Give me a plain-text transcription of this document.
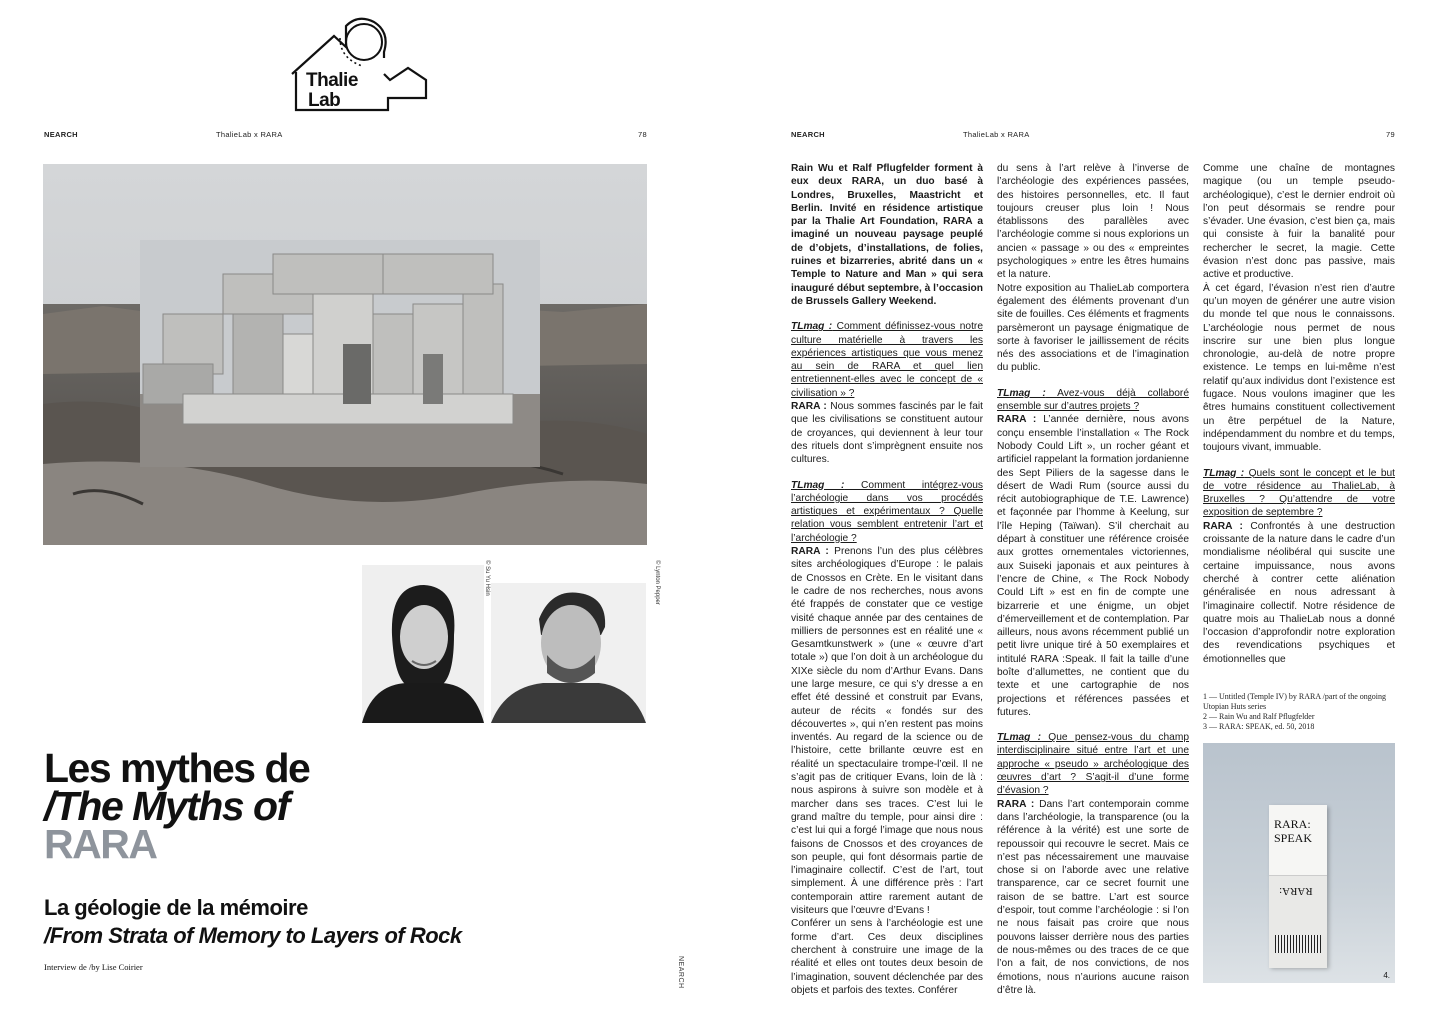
Thalie
Lab
NEARCH	ThalieLab x RARA	78	NEARCH	ThalieLab x RARA	79
© Su Yu Hsin	© Lynton Pepper
Les mythes de
/The Myths of
RARA
La géologie de la mémoire
/From Strata of Memory to Layers of Rock
Interview de /by Lise Coirier	NEARCH

Rain Wu et Ralf Pflugfelder forment à eux deux RARA, un duo basé à Londres, Bruxelles, Maastricht et Berlin. Invité en résidence artistique par la Thalie Art Foundation, RARA a imaginé un nouveau paysage peuplé de d’objets, d’installations, de folies, ruines et bizarreries, abrité dans un « Temple to Nature and Man » qui sera inauguré début septembre, à l’occasion de Brussels Gallery Weekend.

TLmag : Comment définissez-vous notre culture matérielle à travers les expériences artistiques que vous menez au sein de RARA et quel lien entretiennent-elles avec le concept de « civilisation » ?

RARA : Nous sommes fascinés par le fait que les civilisations se constituent autour de croyances, qui deviennent à leur tour des rituels dont s’imprègnent ensuite nos cultures.

TLmag : Comment intégrez-vous l’archéologie dans vos procédés artistiques et expérimentaux ? Quelle relation vous semblent entretenir l’art et l’archéologie ?

RARA : Prenons l’un des plus célèbres sites archéologiques d’Europe : le palais de Cnossos en Crète. En le visitant dans le cadre de nos recherches, nous avons été frappés de constater que ce vestige visité chaque année par des centaines de milliers de personnes est en réalité une « Gesamtkunstwerk » (une « œuvre d’art totale ») que l’on doit à un archéologue du XIXe siècle du nom d’Arthur Evans. Dans une large mesure, ce qui s’y dresse a en effet été dessiné et construit par Evans, auteur de récits « fondés sur des découvertes », qui n’en restent pas moins inventés. Au regard de la science ou de l’histoire, cette brillante œuvre est en réalité un spectaculaire trompe-l’œil. Il ne s’agit pas de critiquer Evans, loin de là : nous aspirons à suivre son modèle et à marcher dans ses traces. C’est lui le grand maître du temple, pour ainsi dire : c’est lui qui a forgé l’image que nous nous faisons de Cnossos et des croyances de son peuple, qui font désormais partie de l’imaginaire collectif. C’est de l’art, tout simplement. À une différence près : l’art contemporain attire rarement autant de visiteurs que l’œuvre d’Evans !

Conférer un sens à l’archéologie est une forme d’art. Ces deux disciplines cherchent à construire une image de la réalité et elles ont toutes deux besoin de l’imagination, souvent déclenchée par des objets et parfois des textes. Conférer

du sens à l’art relève à l’inverse de l’archéologie des expériences passées, des histoires personnelles, etc. Il faut toujours creuser plus loin ! Nous établissons des parallèles avec l’archéologie comme si nous explorions un ancien « passage » ou des « empreintes psychologiques » entre les êtres humains et la nature.

Notre exposition au ThalieLab comportera également des éléments provenant d’un site de fouilles. Ces éléments et fragments parsèmeront un paysage énigmatique de sorte à favoriser le jaillissement de récits nés des associations et de l’imagination du public.

TLmag : Avez-vous déjà collaboré ensemble sur d’autres projets ?

RARA : L’année dernière, nous avons conçu ensemble l’installation « The Rock Nobody Could Lift », un rocher géant et artificiel rappelant la formation jordanienne des Sept Piliers de la sagesse dans le désert de Wadi Rum (source aussi du récit autobiographique de T.E. Lawrence) et façonnée par l’homme à Keelung, sur l’île Heping (Taïwan). S’il cherchait au départ à constituer une référence croisée aux grottes ornementales victoriennes, aux Suiseki japonais et aux peintures à l’encre de Chine, « The Rock Nobody Could Lift » est en fin de compte une bizarrerie et une énigme, un objet d’émerveillement et de contemplation. Par ailleurs, nous avons récemment publié un petit livre unique tiré à 50 exemplaires et intitulé RARA :Speak. Il fait la taille d’une boîte d’allumettes, ne contient que du texte et une cartographie de nos projections et références passées et futures.

TLmag : Que pensez-vous du champ interdisciplinaire situé entre l’art et une approche « pseudo » archéologique des œuvres d’art ? S’agit-il d’une forme d’évasion ?

RARA : Dans l’art contemporain comme dans l’archéologie, la transparence (ou la référence à la vérité) est une sorte de repoussoir qui recouvre le secret. Mais ce n’est pas nécessairement une mauvaise chose si on l’aborde avec une relative transparence, car ce secret fournit une raison de se battre. L’art est source d’espoir, tout comme l’archéologie : si l’on ne nous faisait pas croire que nous pouvons laisser derrière nous des parties de nous-mêmes ou des traces de ce que l’on a fait, de nos convictions, de nos émotions, nous n’aurions aucune raison d’être là.

Comme une chaîne de montagnes magique (ou un temple pseudo-archéologique), c’est le dernier endroit où l’on peut désormais se rendre pour s’évader. Une évasion, c’est bien ça, mais qui consiste à fuir la banalité pour rechercher le secret, la magie. Cette évasion n’est donc pas passive, mais active et productive.

À cet égard, l’évasion n’est rien d’autre qu’un moyen de générer une autre vision du monde tel que nous le connaissons. L’archéologie nous permet de nous inscrire sur une bien plus longue chronologie, au-delà de notre propre existence. Le temps en lui-même n’est relatif qu’aux individus dont l’existence est fugace. Nous voulons imaginer que les êtres humains constituent collectivement un être perpétuel de la Nature, indépendamment du nombre et du temps, toujours vivant, immuable.

TLmag : Quels sont le concept et le but de votre résidence au ThalieLab, à Bruxelles ? Qu’attendre de votre exposition de septembre ?

RARA : Confrontés à une destruction croissante de la nature dans le cadre d’un mondialisme néolibéral qui suscite une certaine impuissance, nous avons cherché à contrer cette aliénation généralisée en nous adressant à l’imaginaire collectif. Notre résidence de quatre mois au ThalieLab nous a donné l’occasion d’approfondir notre exploration des revendications psychiques et émotionnelles que

1 — Untitled (Temple IV) by RARA /part of the ongoing Utopian Huts series
2 — Rain Wu and Ralf Pflugfelder
3 — RARA: SPEAK, ed. 50, 2018
RARA:
SPEAK
RARA:
4.
